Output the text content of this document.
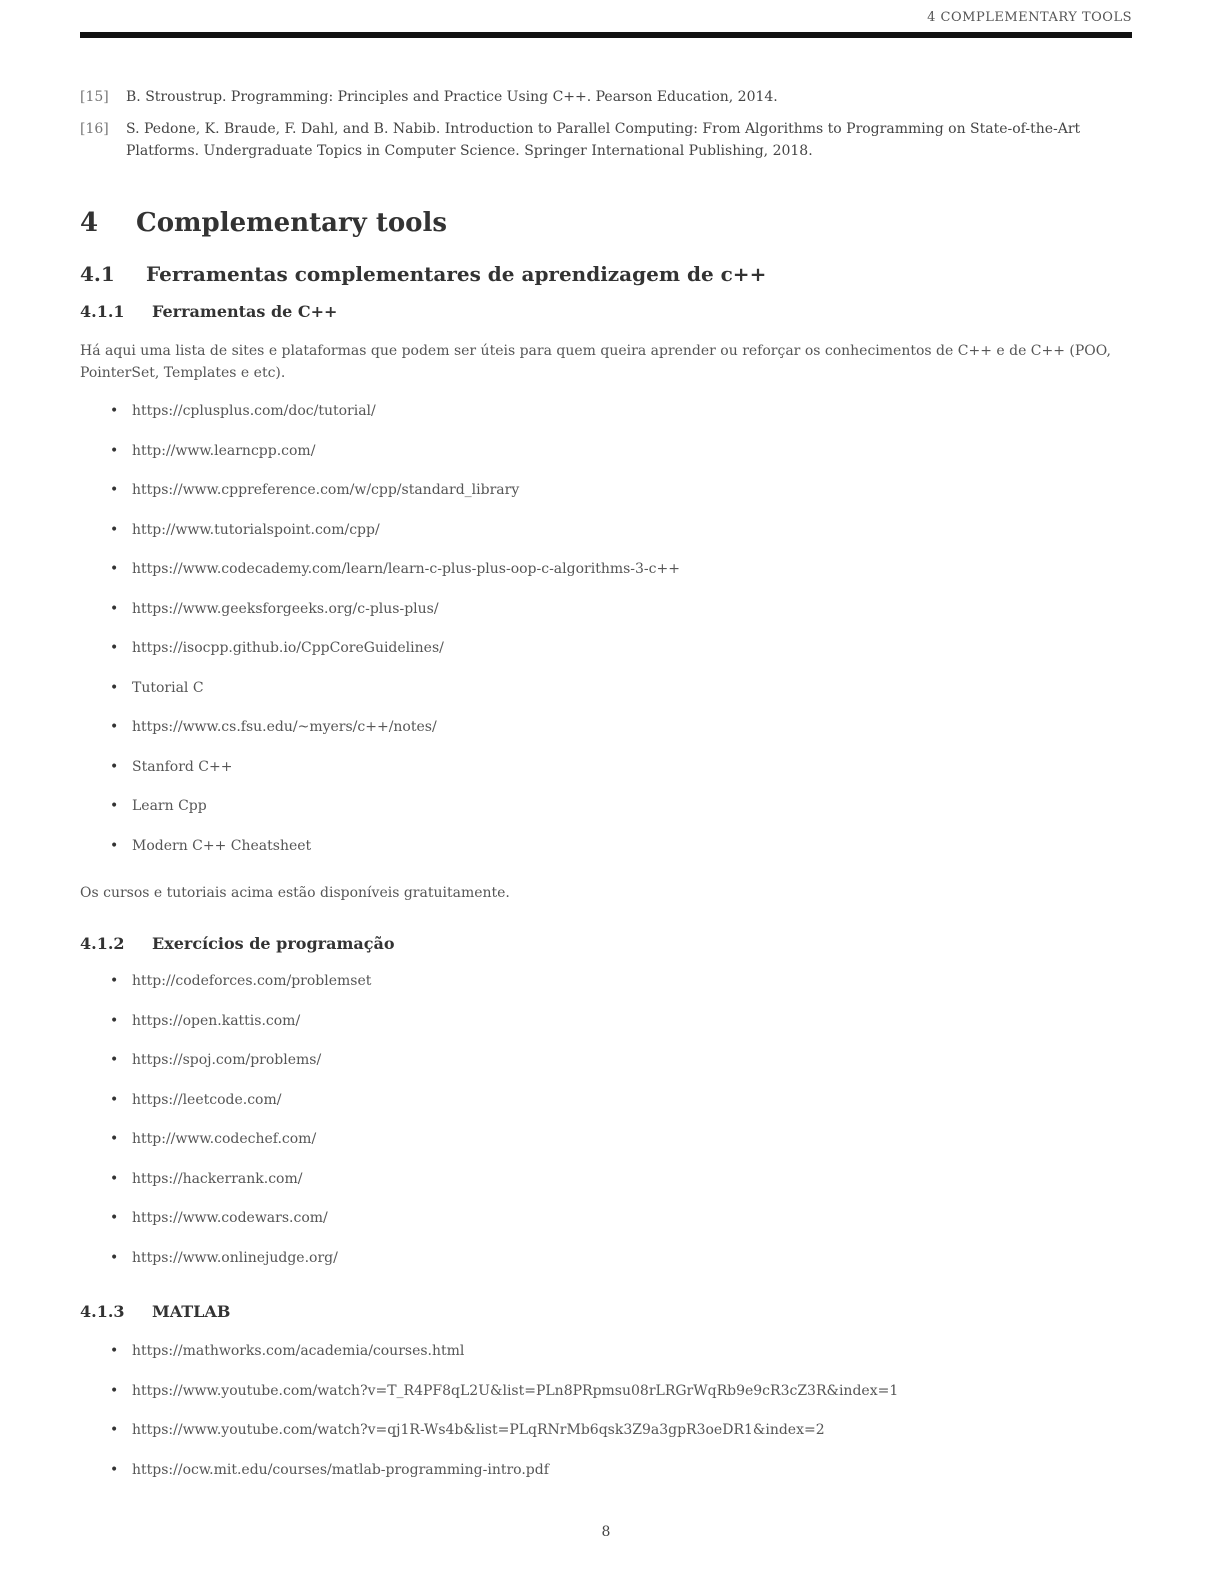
4 COMPLEMENTARY TOOLS
[15]	B. Stroustrup. Programming: Principles and Practice Using C++. Pearson Education, 2014.
[16]	S. Pedone, K. Braude, F. Dahl, and B. Nabib. Introduction to Parallel Computing: From Algorithms to Programming on State-of-the-Art Platforms. Undergraduate Topics in Computer Science. Springer International Publishing, 2018.
4 Complementary tools
4.1 Ferramentas complementares de aprendizagem de c++
4.1.1 Ferramentas de C++
Há aqui uma lista de sites e plataformas que podem ser úteis para quem queira aprender ou reforçar os conhecimentos de C++ e de C++ (POO, PointerSet, Templates e etc).
• https://cplusplus.com/doc/tutorial/
• http://www.learncpp.com/
• https://www.cppreference.com/w/cpp/standard_library
• http://www.tutorialspoint.com/cpp/
• https://www.codecademy.com/learn/learn-c-plus-plus-oop-c-algorithms-3-c++
• https://www.geeksforgeeks.org/c-plus-plus/
• https://isocpp.github.io/CppCoreGuidelines/
• Tutorial C
• https://www.cs.fsu.edu/~myers/c++/notes/
• Stanford C++
• Learn Cpp
• Modern C++ Cheatsheet
Os cursos e tutoriais acima estão disponíveis gratuitamente.
4.1.2 Exercícios de programação
• http://codeforces.com/problemset
• https://open.kattis.com/
• https://spoj.com/problems/
• https://leetcode.com/
• http://www.codechef.com/
• https://hackerrank.com/
• https://www.codewars.com/
• https://www.onlinejudge.org/
4.1.3 MATLAB
• https://mathworks.com/academia/courses.html
• https://www.youtube.com/watch?v=T_R4PF8qL2U&list=PLn8PRpmsu08rLRGrWqRb9e9cR3cZ3R&index=1
• https://www.youtube.com/watch?v=qj1R-Ws4b&list=PLqRNrMb6qsk3Z9a3gpR3oeDR1&index=2
• https://ocw.mit.edu/courses/matlab-programming-intro.pdf
8
